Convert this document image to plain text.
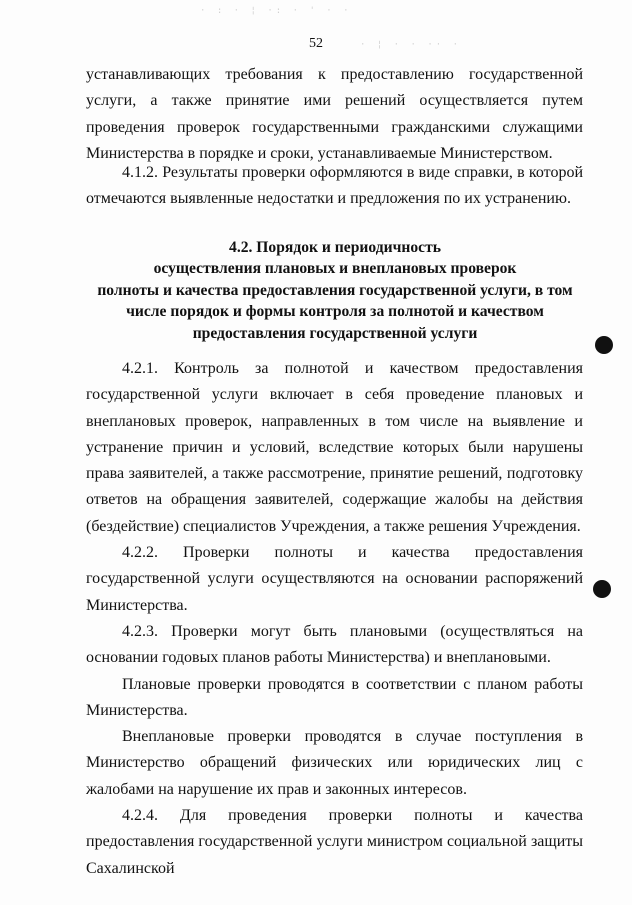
· : · ¦ ·: · ' · ·
· ¦ · · ·· ·
52

устанавливающих требования к предоставлению государственной услуги, а также принятие ими решений осуществляется путем проведения проверок государственными гражданскими служащими Министерства в порядке и сроки, устанавливаемые Министерством.

4.1.2. Результаты проверки оформляются в виде справки, в которой отмечаются выявленные недостатки и предложения по их устранению.

4.2. Порядок и периодичность
осуществления плановых и внеплановых проверок
полноты и качества предоставления государственной услуги, в том
числе порядок и формы контроля за полнотой и качеством
предоставления государственной услуги

4.2.1. Контроль за полнотой и качеством предоставления государственной услуги включает в себя проведение плановых и внеплановых проверок, направленных в том числе на выявление и устранение причин и условий, вследствие которых были нарушены права заявителей, а также рассмотрение, принятие решений, подготовку ответов на обращения заявителей, содержащие жалобы на действия (бездействие) специалистов Учреждения, а также решения Учреждения.

4.2.2. Проверки полноты и качества предоставления государственной услуги осуществляются на основании распоряжений Министерства.

4.2.3. Проверки могут быть плановыми (осуществляться на основании годовых планов работы Министерства) и внеплановыми.

Плановые проверки проводятся в соответствии с планом работы Министерства.

Внеплановые проверки проводятся в случае поступления в Министерство обращений физических или юридических лиц с жалобами на нарушение их прав и законных интересов.

4.2.4. Для проведения проверки полноты и качества предоставления государственной услуги министром социальной защиты Сахалинской
